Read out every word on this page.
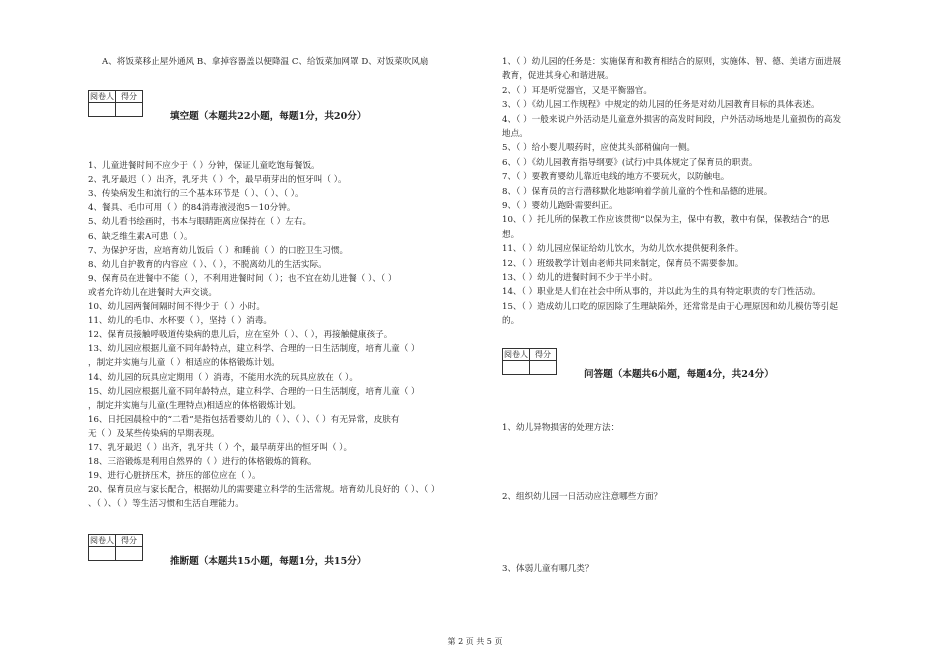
A、将饭菜移止屋外通风 B、拿掉容器盖以便降温 C、给饭菜加网罩 D、对饭菜吹风扇
阅卷人	得分

填空题（本题共22小题，每题1分，共20分）
1、儿童进餐时间不应少于（ ）分钟，保证儿童吃饱每餐饭。
2、乳牙最迟（ ）出齐，乳牙共（ ）个，最早萌芽出的恒牙叫（ ）。
3、传染病发生和流行的三个基本环节是（ ）、（ ）、（ ）。
4、餐具、毛巾可用（ ）的84消毒液浸泡5－10分钟。
5、幼儿看书绘画时，书本与眼睛距离应保持在（ ）左右。
6、缺乏维生素A可患（ ）。
7、为保护牙齿，应培育幼儿饭后（ ）和睡前（ ）的口腔卫生习惯。
8、幼儿自护教育的内容应（ ）、（ ），不脱离幼儿的生活实际。
9、保育员在进餐中不能（ ），不利用进餐时间（ ）；也不宜在幼儿进餐（ ）、（ ）
或者允许幼儿在进餐时大声交谈。
10、幼儿园两餐间隔时间不得少于（ ）小时。
11、幼儿的毛巾、水杯要（ ），坚持（ ）消毒。
12、保育员接触呼吸道传染病的患儿后，应在室外（ ）、（ ），再接触健康孩子。
13、幼儿园应根据儿童不同年龄特点，建立科学、合理的一日生活制度，培育儿童（ ）
，制定并实施与儿童（ ）相适应的体格锻炼计划。
14、幼儿园的玩具应定期用（ ）消毒，不能用水洗的玩具应放在（ ）。
15、幼儿园应根据儿童不同年龄特点，建立科学、合理的一日生活制度，培育儿童（ ）
，制定并实施与儿童(生理特点)相适应的体格锻炼计划。
16、日托园晨检中的“二看”是指包括看婴幼儿的（ ）、（ ）、（ ）有无异常，皮肤有
无（ ）及某些传染病的早期表现。
17、乳牙最迟（ ）出齐，乳牙共（ ）个，最早萌芽出的恒牙叫（ ）。
18、三浴锻炼是利用自然界的（ ）进行的体格锻炼的简称。
19、进行心脏挤压术，挤压的部位应在（ ）。
20、保育员应与家长配合，根据幼儿的需要建立科学的生活常规。培育幼儿良好的（ ）、（ ）
、（ ）、（ ）等生活习惯和生活自理能力。
阅卷人	得分

推断题（本题共15小题，每题1分，共15分）
1、（ ）幼儿园的任务是：实施保育和教育相结合的原则，实施体、智、德、美诸方面进展
教育，促进其身心和谐进展。
2、（ ）耳是听觉器官，又是平衡器官。
3、（ ）《幼儿园工作规程》中规定的幼儿园的任务是对幼儿园教育目标的具体表述。
4、（ ）一般来说户外活动是儿童意外损害的高发时间段，户外活动场地是儿童损伤的高发
地点。
5、（ ）给小婴儿喂药时，应使其头部稍偏向一侧。
6、（ ）《幼儿园教育指导纲要》(试行)中具体规定了保育员的职责。
7、（ ）要教育婴幼儿靠近电线的地方不要玩火，以防触电。
8、（ ）保育员的言行潜移默化地影响着学前儿童的个性和品德的进展。
9、（ ）婴幼儿跑卧需要纠正。
10、（ ）托儿所的保教工作应该贯彻“以保为主，保中有教，教中有保，保教结合”的思
想。
11、（ ）幼儿园应保证给幼儿饮水，为幼儿饮水提供便利条件。
12、（ ）班级教学计划由老师共同来制定，保育员不需要参加。
13、（ ）幼儿的进餐时间不少于半小时。
14、（ ）职业是人们在社会中所从事的，并以此为生的具有特定职责的专门性活动。
15、（ ）造成幼儿口吃的原因除了生理缺陷外，还常常是由于心理原因和幼儿模仿等引起
的。
阅卷人	得分

问答题（本题共6小题，每题4分，共24分）
1、幼儿异物损害的处理方法：
2、组织幼儿园一日活动应注意哪些方面？
3、体弱儿童有哪几类？
第 2 页 共 5 页
